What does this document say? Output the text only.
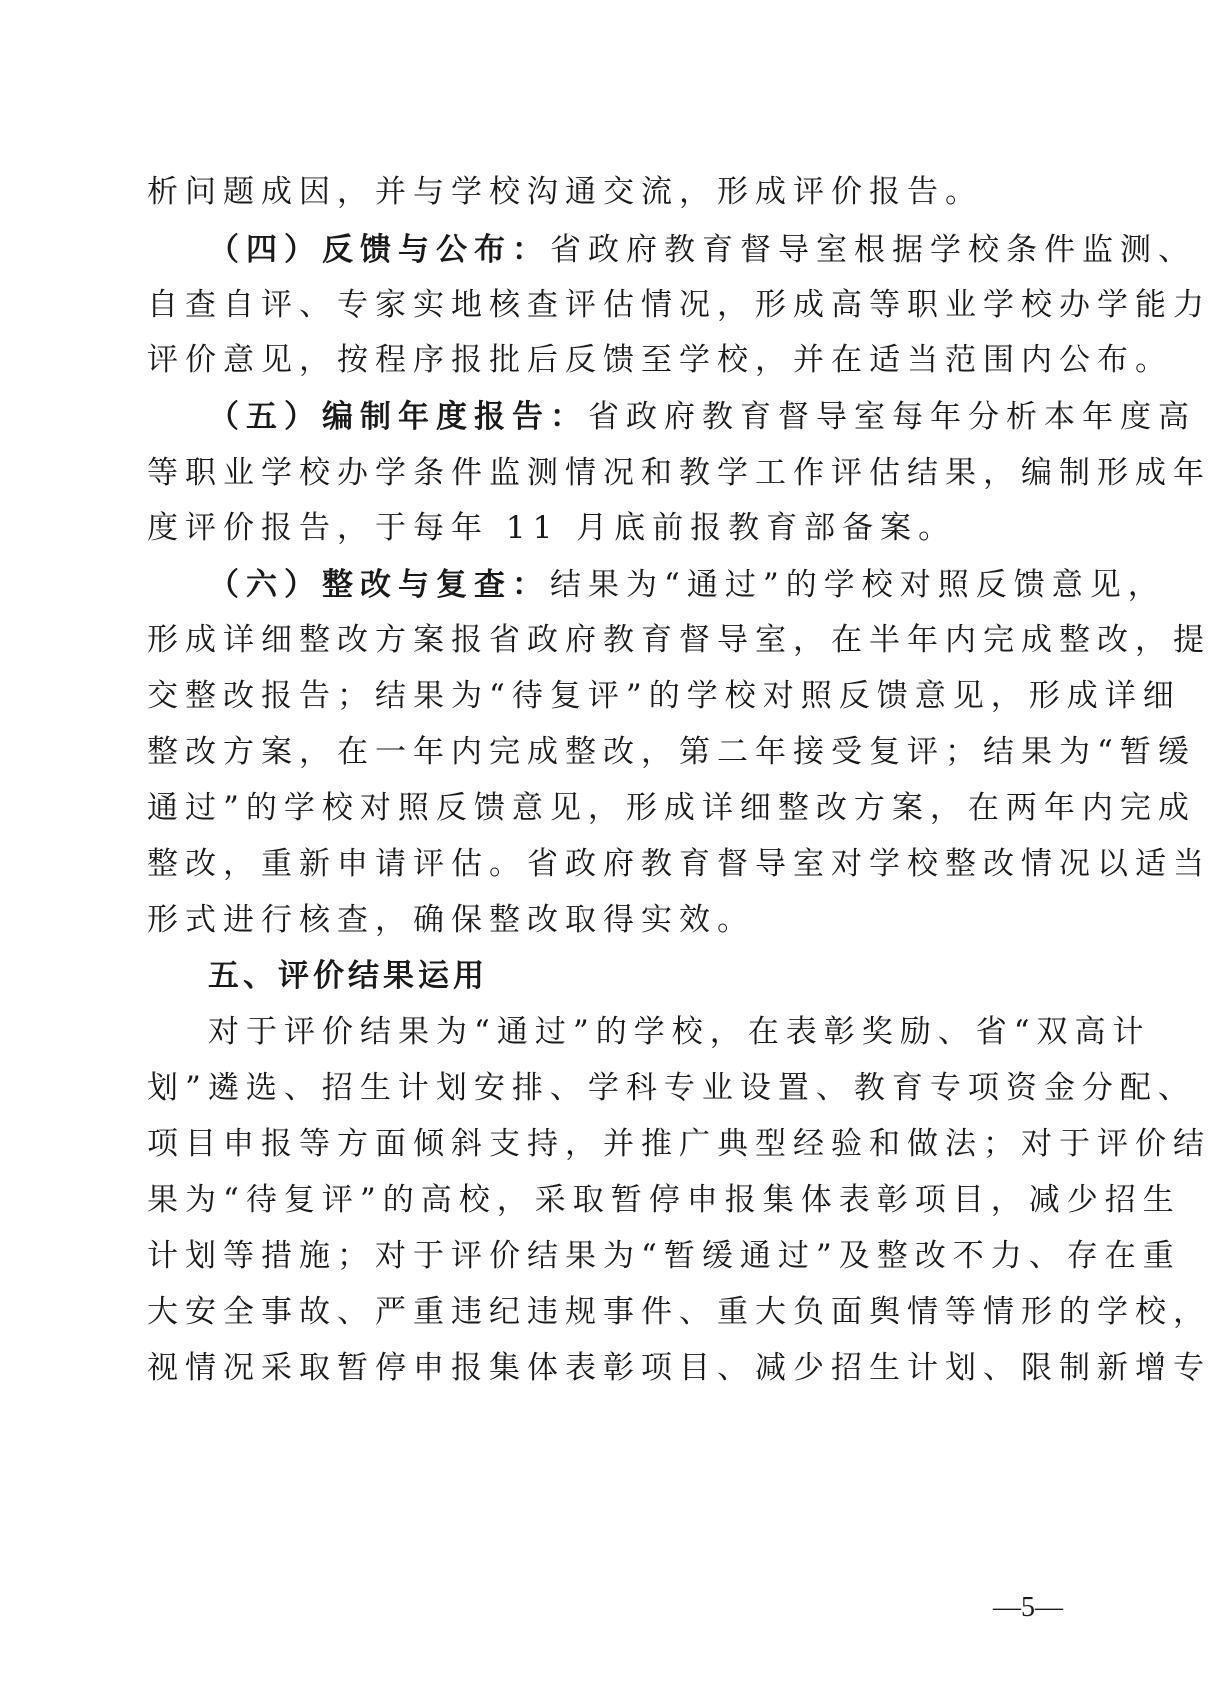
析问题成因，并与学校沟通交流，形成评价报告。
（四）反馈与公布：省政府教育督导室根据学校条件监测、
自查自评、专家实地核查评估情况，形成高等职业学校办学能力
评价意见，按程序报批后反馈至学校，并在适当范围内公布。
（五）编制年度报告：省政府教育督导室每年分析本年度高
等职业学校办学条件监测情况和教学工作评估结果，编制形成年
度评价报告，于每年 11 月底前报教育部备案。
（六）整改与复查：结果为“通过”的学校对照反馈意见，
形成详细整改方案报省政府教育督导室，在半年内完成整改，提
交整改报告；结果为“待复评”的学校对照反馈意见，形成详细
整改方案，在一年内完成整改，第二年接受复评；结果为“暂缓
通过”的学校对照反馈意见，形成详细整改方案，在两年内完成
整改，重新申请评估。省政府教育督导室对学校整改情况以适当
形式进行核查，确保整改取得实效。
五、评价结果运用
对于评价结果为“通过”的学校，在表彰奖励、省“双高计
划”遴选、招生计划安排、学科专业设置、教育专项资金分配、
项目申报等方面倾斜支持，并推广典型经验和做法；对于评价结
果为“待复评”的高校，采取暂停申报集体表彰项目，减少招生
计划等措施；对于评价结果为“暂缓通过”及整改不力、存在重
大安全事故、严重违纪违规事件、重大负面舆情等情形的学校，
视情况采取暂停申报集体表彰项目、减少招生计划、限制新增专
—5—
